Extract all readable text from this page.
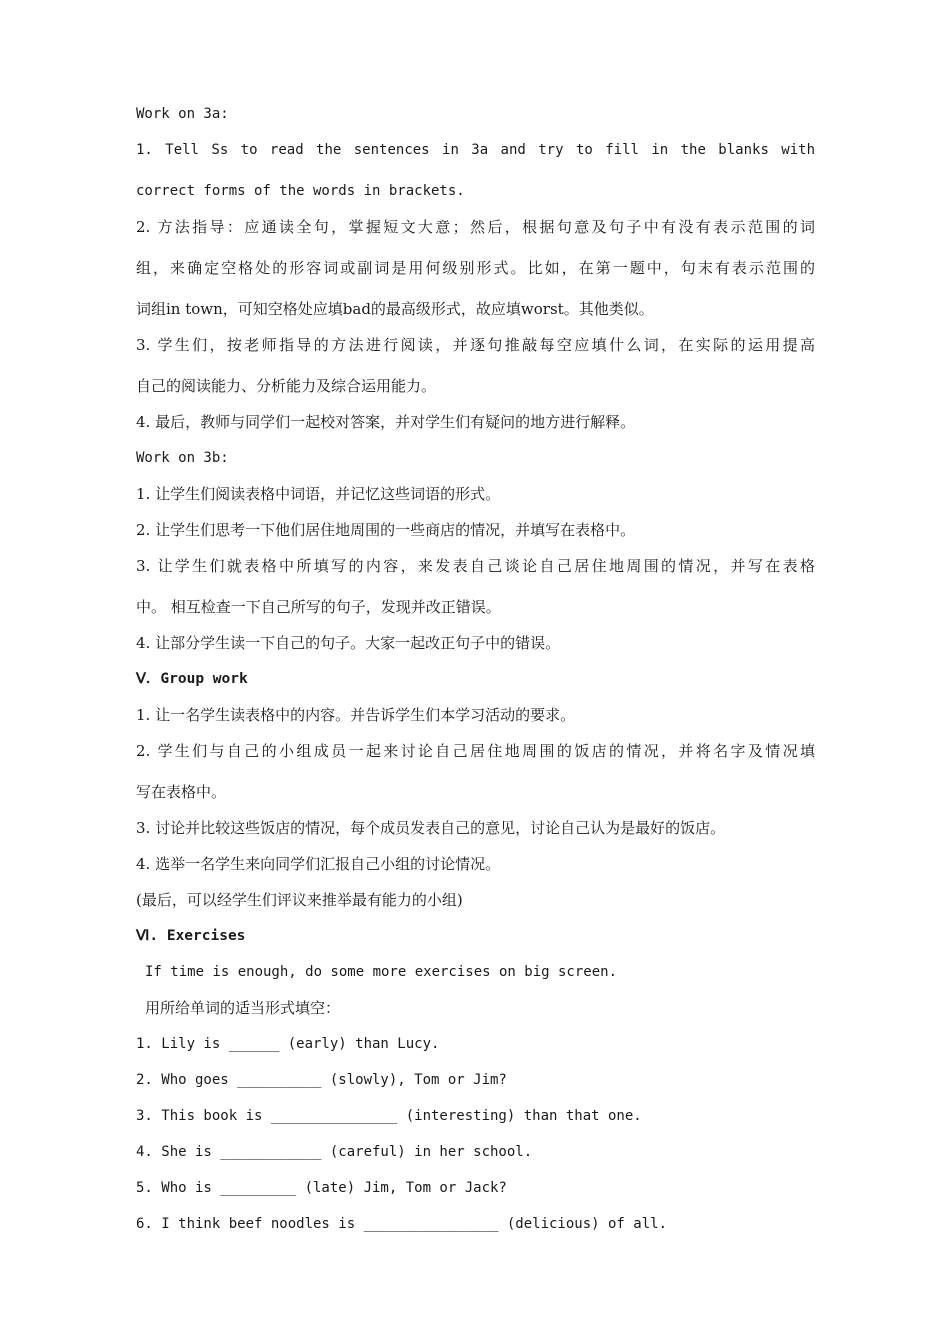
Work on 3a:
1. Tell Ss to read the sentences in 3a and try to fill in the blanks with
correct forms of the words in brackets.
2. 方法指导：应通读全句，掌握短文大意；然后，根据句意及句子中有没有表示范围的词
组，来确定空格处的形容词或副词是用何级别形式。比如，在第一题中，句末有表示范围的
词组in town，可知空格处应填bad的最高级形式，故应填worst。其他类似。
3. 学生们，按老师指导的方法进行阅读，并逐句推敲每空应填什么词，在实际的运用提高
自己的阅读能力、分析能力及综合运用能力。
4. 最后，教师与同学们一起校对答案，并对学生们有疑问的地方进行解释。
Work on 3b:
1. 让学生们阅读表格中词语，并记忆这些词语的形式。
2. 让学生们思考一下他们居住地周围的一些商店的情况，并填写在表格中。
3. 让学生们就表格中所填写的内容，来发表自己谈论自己居住地周围的情况，并写在表格
中。 相互检查一下自己所写的句子，发现并改正错误。
4. 让部分学生读一下自己的句子。大家一起改正句子中的错误。
Ⅴ．Group work
1. 让一名学生读表格中的内容。并告诉学生们本学习活动的要求。
2. 学生们与自己的小组成员一起来讨论自己居住地周围的饭店的情况，并将名字及情况填
写在表格中。
3. 讨论并比较这些饭店的情况，每个成员发表自己的意见，讨论自己认为是最好的饭店。
4. 选举一名学生来向同学们汇报自己小组的讨论情况。
(最后，可以经学生们评议来推举最有能力的小组)
Ⅵ. Exercises
If time is enough, do some more exercises on big screen.
用所给单词的适当形式填空：
1. Lily is ______ (early) than Lucy.
2. Who goes __________ (slowly), Tom or Jim?
3. This book is _______________ (interesting) than that one.
4. She is ____________ (careful) in her school.
5. Who is _________ (late) Jim, Tom or Jack?
6. I think beef noodles is ________________ (delicious) of all.
